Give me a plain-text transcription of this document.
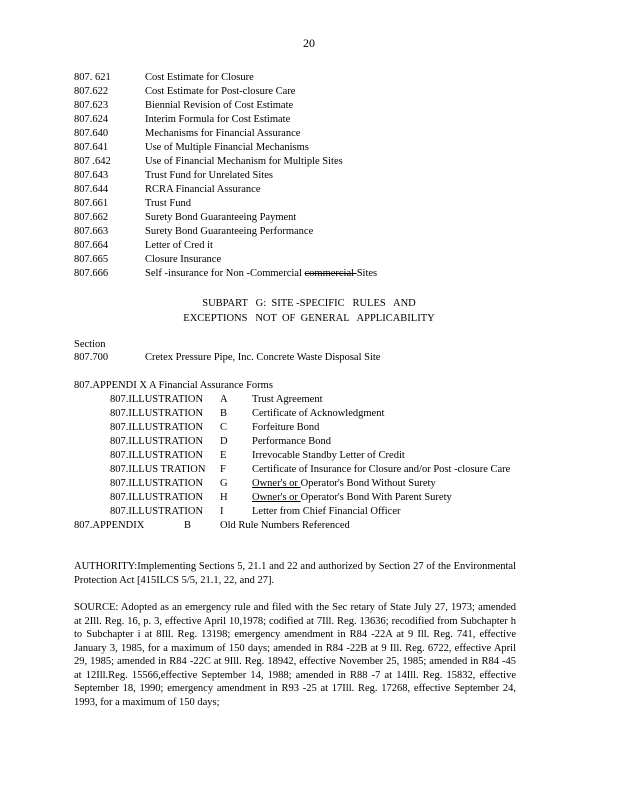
20
807. 621	Cost Estimate for Closure
807.622	Cost Estimate for Post-closure Care
807.623	Biennial Revision of Cost Estimate
807.624	Interim Formula for Cost Estimate
807.640	Mechanisms for Financial Assurance
807.641	Use of Multiple Financial Mechanisms
807 .642	Use of Financial Mechanism for Multiple Sites
807.643	Trust Fund for Unrelated Sites
807.644	RCRA Financial Assurance
807.661	Trust Fund
807.662	Surety Bond Guaranteeing Payment
807.663	Surety Bond Guaranteeing Performance
807.664	Letter of Cred it
807.665	Closure Insurance
807.666	Self -insurance for Non -Commercial commercial Sites
SUBPART   G:  SITE -SPECIFIC   RULES   AND
EXCEPTIONS   NOT  OF  GENERAL   APPLICABILITY
Section
807.700	Cretex Pressure Pipe, Inc. Concrete Waste Disposal Site
807.APPENDI X A Financial Assurance Forms
807.ILLUSTRATION	A	Trust Agreement
807.ILLUSTRATION	B	Certificate of Acknowledgment
807.ILLUSTRATION	C	Forfeiture Bond
807.ILLUSTRATION	D	Performance Bond
807.ILLUSTRATION	E	Irrevocable Standby Letter of Credit
807.ILLUS TRATION	F	Certificate of Insurance for Closure and/or Post -closure Care
807.ILLUSTRATION	G	Owner's or Operator's Bond Without Surety
807.ILLUSTRATION	H	Owner's or Operator's Bond With Parent Surety
807.ILLUSTRATION	I	Letter from Chief Financial Officer
807.APPENDIX	B	Old Rule Numbers Referenced
AUTHORITY:Implementing Sections 5, 21.1 and 22 and authorized by Section 27 of the Environmental Protection Act [415ILCS 5/5, 21.1, 22, and 27].
SOURCE: Adopted as an emergency rule and filed with the Sec retary of State July 27, 1973; amended at 2Ill. Reg. 16, p. 3, effective April 10,1978; codified at 7Ill. Reg. 13636; recodified from Subchapter h to Subchapter i at 8Ill. Reg. 13198; emergency amendment in R84 -22A at 9 Ill. Reg. 741, effective January 3, 1985, for a maximum of 150 days; amended in R84 -22B at 9 Ill. Reg. 6722, effective April 29, 1985; amended in R84 -22C at 9Ill. Reg. 18942, effective November 25, 1985; amended in R84 -45 at 12Ill.Reg. 15566,effective September 14, 1988; amended in R88 -7 at 14Ill. Reg. 15832, effective September 18, 1990; emergency amendment in R93 -25 at 17Ill. Reg. 17268, effective September 24, 1993, for a maximum of 150 days;
